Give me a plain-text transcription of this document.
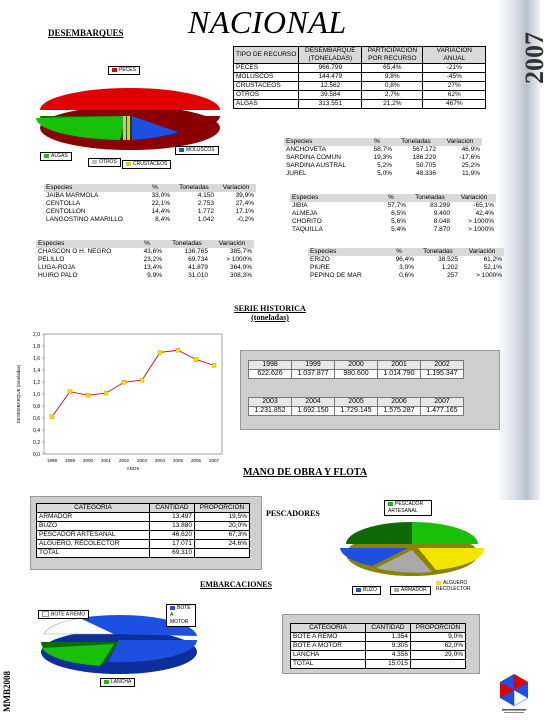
DESEMBARQUES NACIONAL
2007
PECES
MOLUSCOS
ALGAS
OTROS	CRUSTACEOS
TIPO DE RECURSO	DESEMBARQUE (TONELADAS)	PARTICIPACION POR RECURSO	VARIACION ANUAL
PECES	966.799	65,4%	-21%
MOLUSCOS	144.479	9,8%	-45%
CRUSTACEOS	12.562	0,8%	27%
OTROS	39.584	2,7%	62%
ALGAS	313.551	21,2%	467%
Especies	%	Toneladas	Variación
ANCHOVETA	58,7%	567.172	46,9%
SARDINA COMUN	19,3%	186.229	-17,6%
SARDINA AUSTRAL	5,2%	50.705	25,2%
JUREL	5,0%	48.336	11,9%
Especies	%	Toneladas	Variación
JAIBA MARMOLA	33,0%	4.150	39,9%
CENTOLLA	22,1%	2.753	27,4%
CENTOLLON	14,4%	1.772	17,1%
LANGOSTINO AMARILLO	8,4%	1.042	-0,2%
Especies	%	Toneladas	Variación
JIBIA	57,7%	83.299	-65,1%
ALMEJA	6,5%	9.400	42,4%
CHORITO	5,6%	8.048	> 1000%
TAQUILLA	5,4%	7.870	> 1000%
Especies	%	Toneladas	Variación
CHASCON O H. NEGRO	43,6%	136.765	385,7%
PELILLO	23,2%	69.734	> 1000%
LUGA-ROJA	13,4%	41.879	364,0%
HUIRO PALO	9,9%	31.010	308,3%
Especies	%	Toneladas	Variación
ERIZO	96,4%	38.525	61,2%
PIURE	3,0%	1.202	52,1%
PEPINO DE MAR	0,6%	257	> 1000%
SERIE HISTORICA
(toneladas)
2,0
1,8
1,6
1,4
1,2
1,0
0,8
0,6
0,4
0,2
0,0
1998 1999 2000 2001 2002 2003 2004 2005 2006 2007
AÑOS
DESEMBARQUE (toneladas)
1998	1999	2000	2001	2002
622.626	1.037.877	980.600	1.014.790	1.195.347
2003	2004	2005	2006	2007
1.231.852	1.692.150	1.729.145	1.575.287	1.477.165
MANO DE OBRA Y FLOTA
CATEGORIA	CANTIDAD	PROPORCION
ARMADOR	13.497	19,5%
BUZO	13.880	20,0%
PESCADOR ARTESANAL	46.620	67,3%
ALGUERO, RECOLECTOR	17.071	24,6%
TOTAL	69.310	
PESCADORES
PESCADOR ARTESANAL
BUZO	ARMADOR
ALGUERO RECOLECTOR
EMBARCACIONES
BOTE A REMO
BOTE A MOTOR
LANCHA
CATEGORIA	CANTIDAD	PROPORCION
BOTE A REMO	1.354	9,0%
BOTE A MOTOR	9.305	62,0%
LANCHA	4.356	29,0%
TOTAL	15.015	
MMB2008
